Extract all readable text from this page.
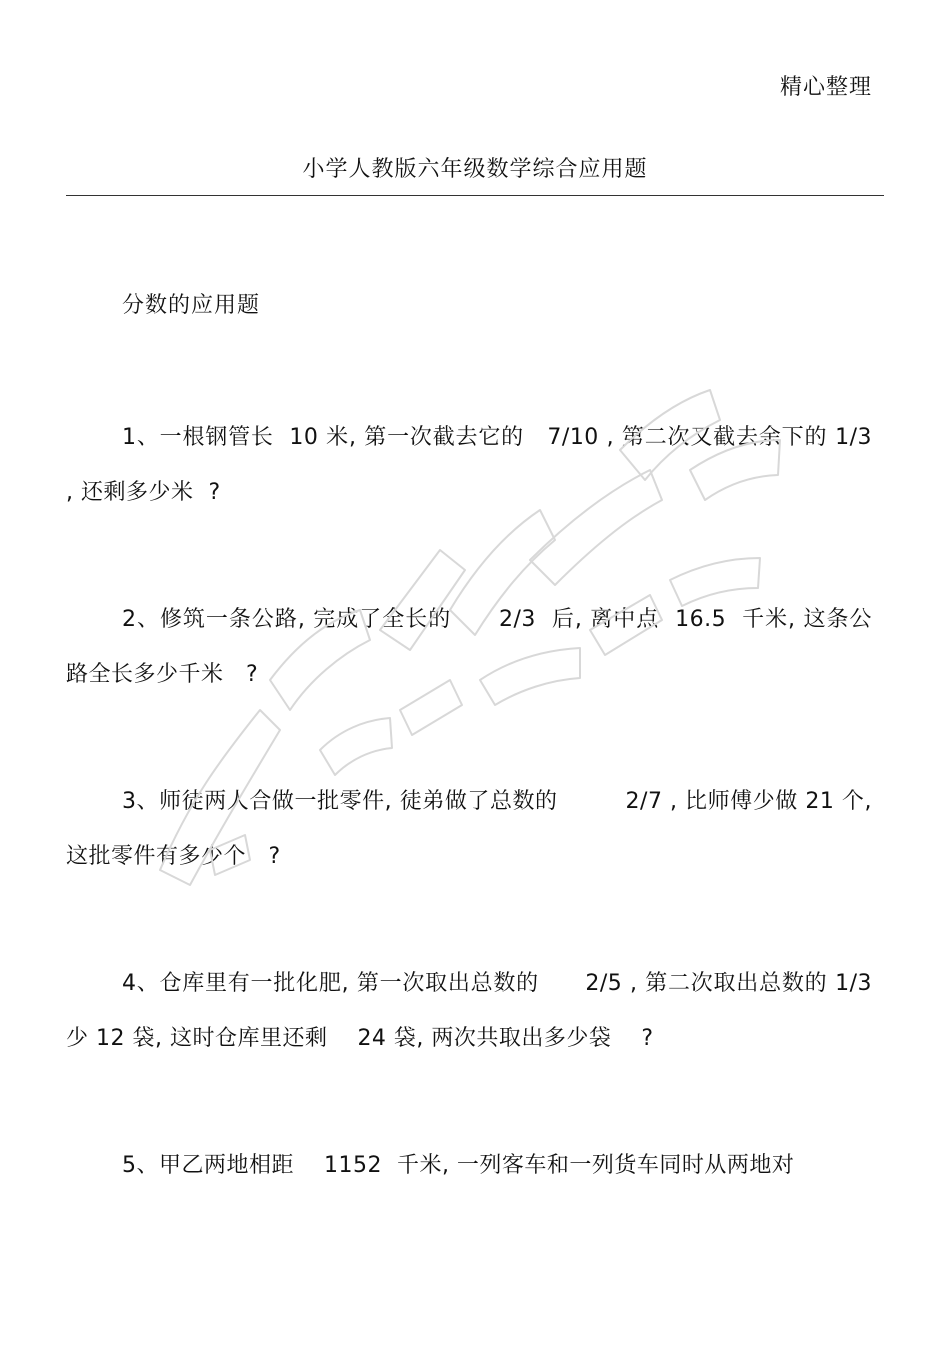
精心整理
小学人教版六年级数学综合应用题
分数的应用题

1、一根钢管长  10 米, 第一次截去它的   7/10 , 第二次又截去余下的 1/3 , 还剩多少米  ?

2、修筑一条公路, 完成了全长的      2/3  后, 离中点  16.5  千米, 这条公路全长多少千米   ?

3、师徒两人合做一批零件, 徒弟做了总数的         2/7 , 比师傅少做 21 个, 这批零件有多少个   ?

4、仓库里有一批化肥, 第一次取出总数的      2/5 , 第二次取出总数的 1/3  少 12 袋, 这时仓库里还剩    24 袋, 两次共取出多少袋    ?

5、甲乙两地相距    1152  千米, 一列客车和一列货车同时从两地对
